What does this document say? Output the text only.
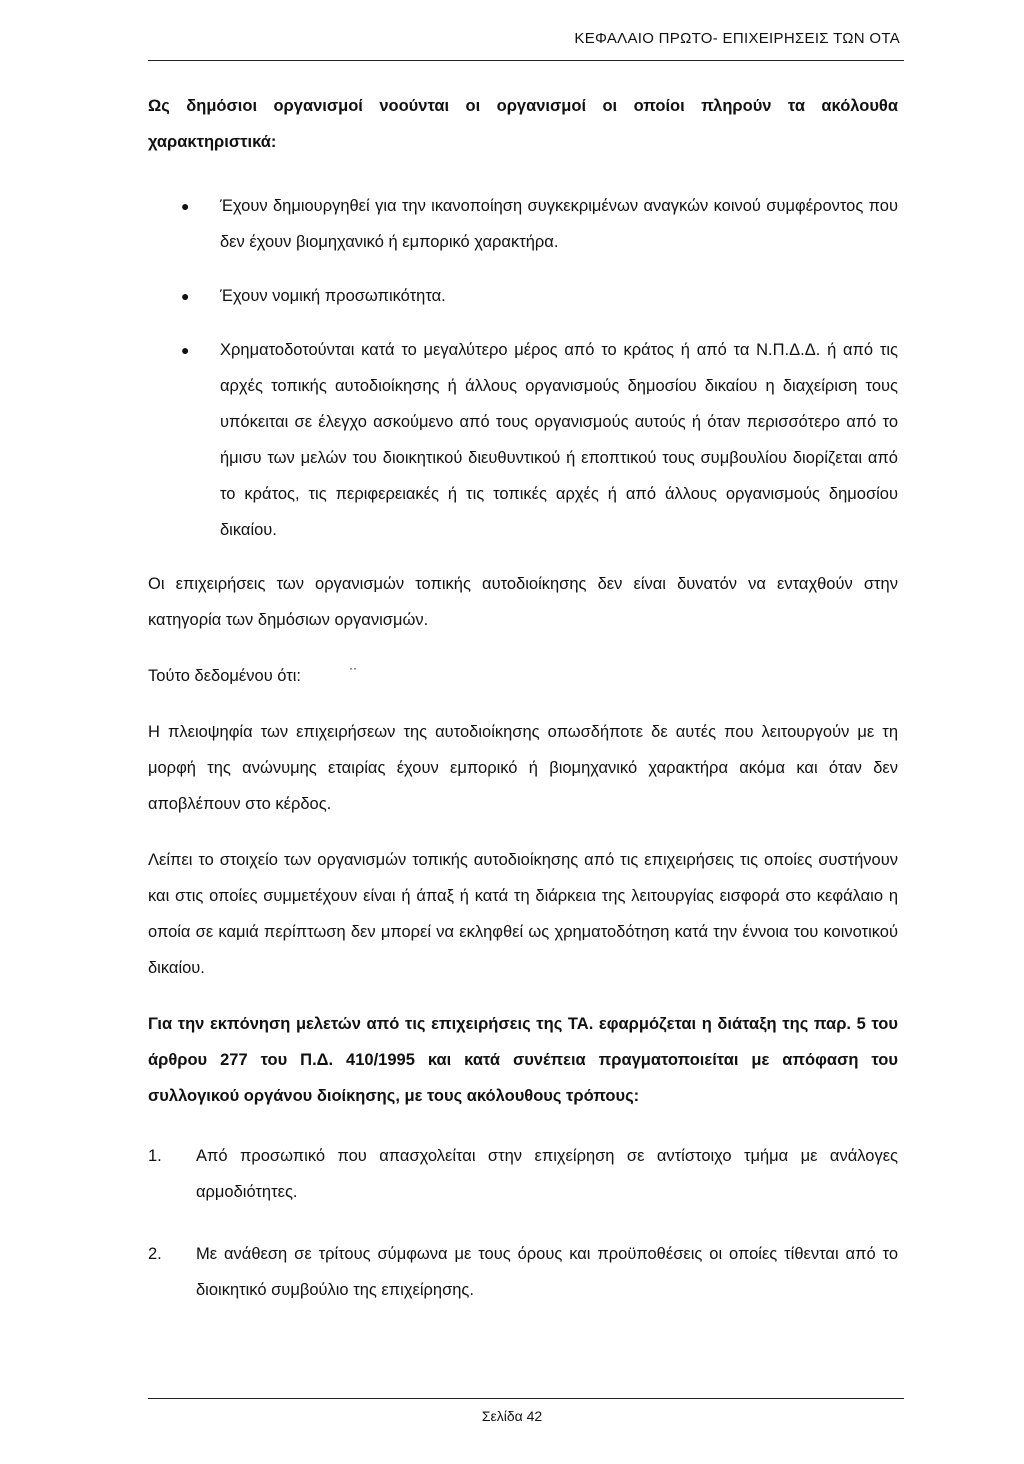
ΚΕΦΑΛΑΙΟ ΠΡΩΤΟ- ΕΠΙΧΕΙΡΗΣΕΙΣ ΤΩΝ ΟΤΑ

Ως δημόσιοι οργανισμοί νοούνται οι οργανισμοί οι οποίοι πληρούν τα ακόλουθα χαρακτηριστικά:

● Έχουν δημιουργηθεί για την ικανοποίηση συγκεκριμένων αναγκών κοινού συμφέροντος που δεν έχουν βιομηχανικό ή εμπορικό χαρακτήρα.
● Έχουν νομική προσωπικότητα.
● Χρηματοδοτούνται κατά το μεγαλύτερο μέρος από το κράτος ή από τα Ν.Π.Δ.Δ. ή από τις αρχές τοπικής αυτοδιοίκησης ή άλλους οργανισμούς δημοσίου δικαίου η διαχείριση τους υπόκειται σε έλεγχο ασκούμενο από τους οργανισμούς αυτούς ή όταν περισσότερο από το ήμισυ των μελών του διοικητικού διευθυντικού ή εποπτικού τους συμβουλίου διορίζεται από το κράτος, τις περιφερειακές ή τις τοπικές αρχές ή από άλλους οργανισμούς δημοσίου δικαίου.

Οι επιχειρήσεις των οργανισμών τοπικής αυτοδιοίκησης δεν είναι δυνατόν να ενταχθούν στην κατηγορία των δημόσιων οργανισμών.

Τούτο δεδομένου ότι:	··

Η πλειοψηφία των επιχειρήσεων της αυτοδιοίκησης οπωσδήποτε δε αυτές που λειτουργούν με τη μορφή της ανώνυμης εταιρίας έχουν εμπορικό ή βιομηχανικό χαρακτήρα ακόμα και όταν δεν αποβλέπουν στο κέρδος.

Λείπει το στοιχείο των οργανισμών τοπικής αυτοδιοίκησης από τις επιχειρήσεις τις οποίες συστήνουν και στις οποίες συμμετέχουν είναι ή άπαξ ή κατά τη διάρκεια της λειτουργίας εισφορά στο κεφάλαιο η οποία σε καμιά περίπτωση δεν μπορεί να εκληφθεί ως χρηματοδότηση κατά την έννοια του κοινοτικού δικαίου.

Για την εκπόνηση μελετών από τις επιχειρήσεις της ΤΑ. εφαρμόζεται η διάταξη της παρ. 5 του άρθρου 277 του Π.Δ. 410/1995 και κατά συνέπεια πραγματοποιείται με απόφαση του συλλογικού οργάνου διοίκησης, με τους ακόλουθους τρόπους:

1. Από προσωπικό που απασχολείται στην επιχείρηση σε αντίστοιχο τμήμα με ανάλογες αρμοδιότητες.
2. Με ανάθεση σε τρίτους σύμφωνα με τους όρους και προϋποθέσεις οι οποίες τίθενται από το διοικητικό συμβούλιο της επιχείρησης.
Σελίδα 42
